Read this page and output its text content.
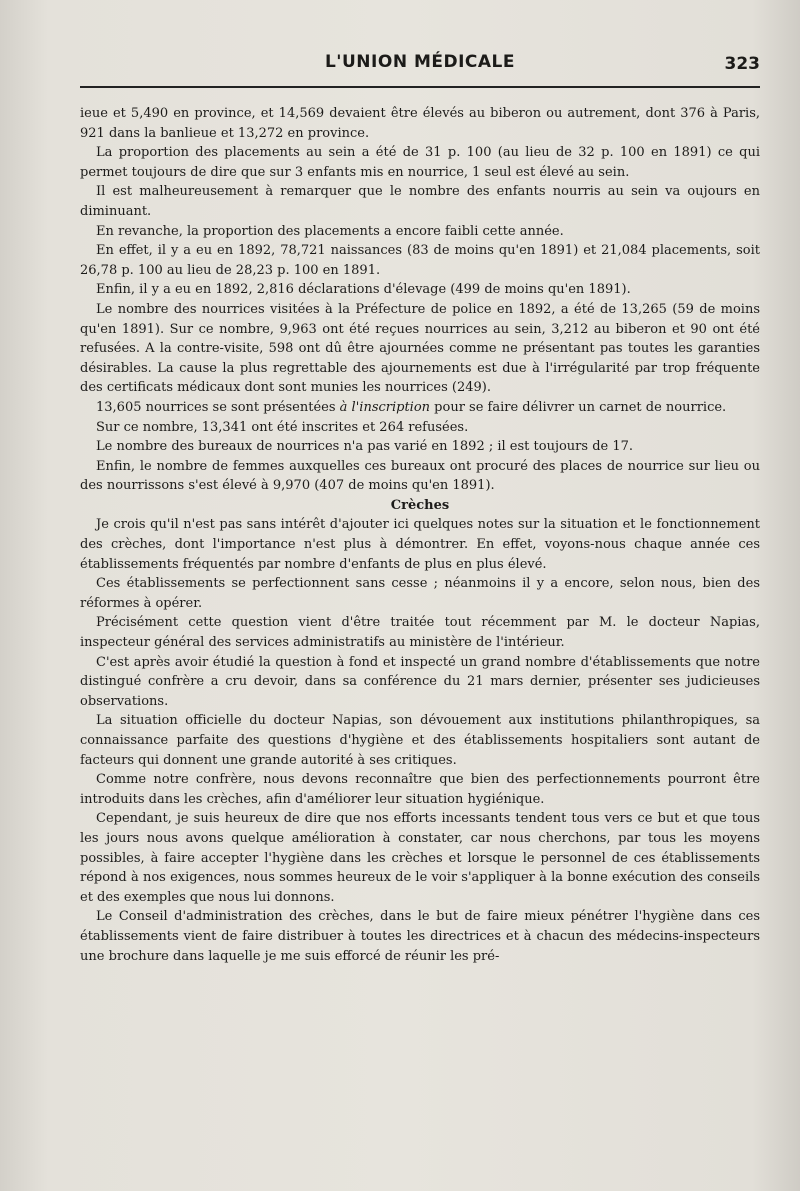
L'UNION MÉDICALE	323

ieue et 5,490 en province, et 14,569 devaient être élevés au biberon ou autrement, dont 376 à Paris, 921 dans la banlieue et 13,272 en province.

La proportion des placements au sein a été de 31 p. 100 (au lieu de 32 p. 100 en 1891) ce qui permet toujours de dire que sur 3 enfants mis en nourrice, 1 seul est élevé au sein.

Il est malheureusement à remarquer que le nombre des enfants nourris au sein va oujours en diminuant.

En revanche, la proportion des placements a encore faibli cette année.

En effet, il y a eu en 1892, 78,721 naissances (83 de moins qu'en 1891) et 21,084 placements, soit 26,78 p. 100 au lieu de 28,23 p. 100 en 1891.

Enfin, il y a eu en 1892, 2,816 déclarations d'élevage (499 de moins qu'en 1891).

Le nombre des nourrices visitées à la Préfecture de police en 1892, a été de 13,265 (59 de moins qu'en 1891). Sur ce nombre, 9,963 ont été reçues nourrices au sein, 3,212 au biberon et 90 ont été refusées. A la contre-visite, 598 ont dû être ajournées comme ne présentant pas toutes les garanties désirables. La cause la plus regrettable des ajournements est due à l'irrégularité par trop fréquente des certificats médicaux dont sont munies les nourrices (249).

13,605 nourrices se sont présentées à l'inscription pour se faire délivrer un carnet de nourrice.

Sur ce nombre, 13,341 ont été inscrites et 264 refusées.

Le nombre des bureaux de nourrices n'a pas varié en 1892 ; il est toujours de 17.

Enfin, le nombre de femmes auxquelles ces bureaux ont procuré des places de nourrice sur lieu ou des nourrissons s'est élevé à 9,970 (407 de moins qu'en 1891).

Crèches

Je crois qu'il n'est pas sans intérêt d'ajouter ici quelques notes sur la situation et le fonctionnement des crèches, dont l'importance n'est plus à démontrer. En effet, voyons-nous chaque année ces établissements fréquentés par nombre d'enfants de plus en plus élevé.

Ces établissements se perfectionnent sans cesse ; néanmoins il y a encore, selon nous, bien des réformes à opérer.

Précisément cette question vient d'être traitée tout récemment par M. le docteur Napias, inspecteur général des services administratifs au ministère de l'intérieur.

C'est après avoir étudié la question à fond et inspecté un grand nombre d'établissements que notre distingué confrère a cru devoir, dans sa conférence du 21 mars dernier, présenter ses judicieuses observations.

La situation officielle du docteur Napias, son dévouement aux institutions philanthropiques, sa connaissance parfaite des questions d'hygiène et des établissements hospitaliers sont autant de facteurs qui donnent une grande autorité à ses critiques.

Comme notre confrère, nous devons reconnaître que bien des perfectionnements pourront être introduits dans les crèches, afin d'améliorer leur situation hygiénique.

Cependant, je suis heureux de dire que nos efforts incessants tendent tous vers ce but et que tous les jours nous avons quelque amélioration à constater, car nous cherchons, par tous les moyens possibles, à faire accepter l'hygiène dans les crèches et lorsque le personnel de ces établissements répond à nos exigences, nous sommes heureux de le voir s'appliquer à la bonne exécution des conseils et des exemples que nous lui donnons.

Le Conseil d'administration des crèches, dans le but de faire mieux pénétrer l'hygiène dans ces établissements vient de faire distribuer à toutes les directrices et à chacun des médecins-inspecteurs une brochure dans laquelle je me suis efforcé de réunir les pré-
